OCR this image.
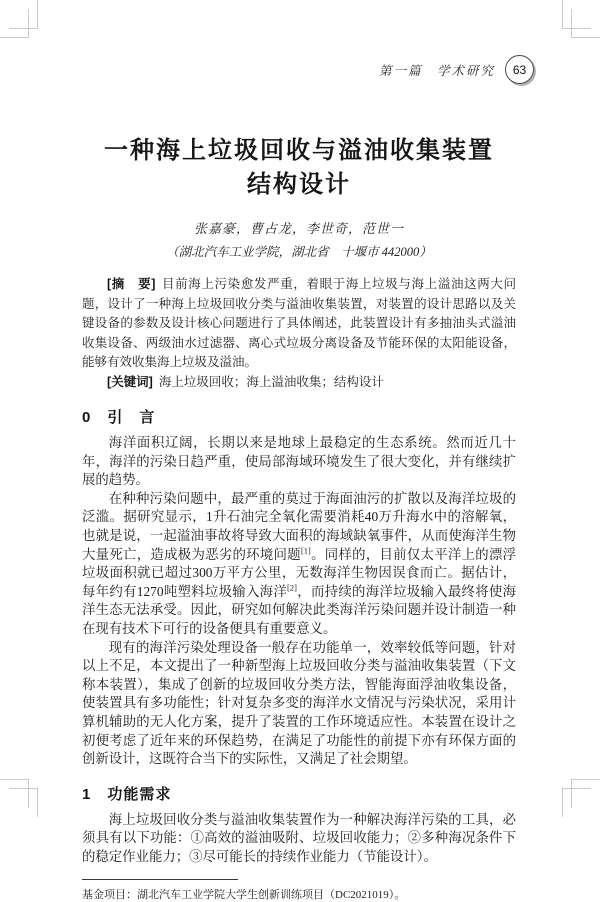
第一篇　学术研究 63
一种海上垃圾回收与溢油收集装置
结构设计
张嘉豪，曹占龙，李世奇，范世一
（湖北汽车工业学院，湖北省　十堰市 442000）

[摘　要] 目前海上污染愈发严重，着眼于海上垃圾与海上溢油这两大问题，设计了一种海上垃圾回收分类与溢油收集装置，对装置的设计思路以及关键设备的参数及设计核心问题进行了具体阐述，此装置设计有多抽油头式溢油收集设备、两级油水过滤器、离心式垃圾分离设备及节能环保的太阳能设备，能够有效收集海上垃圾及溢油。

[关键词] 海上垃圾回收；海上溢油收集；结构设计

0　引　言

海洋面积辽阔，长期以来是地球上最稳定的生态系统。然而近几十年，海洋的污染日趋严重，使局部海域环境发生了很大变化，并有继续扩展的趋势。

在种种污染问题中，最严重的莫过于海面油污的扩散以及海洋垃圾的泛滥。据研究显示，1升石油完全氧化需要消耗40万升海水中的溶解氧，也就是说，一起溢油事故将导致大面积的海域缺氧事件，从而使海洋生物大量死亡，造成极为恶劣的环境问题[1]。同样的，目前仅太平洋上的漂浮垃圾面积就已超过300万平方公里，无数海洋生物因误食而亡。据估计，每年约有1270吨塑料垃圾输入海洋[2]，而持续的海洋垃圾输入最终将使海洋生态无法承受。因此，研究如何解决此类海洋污染问题并设计制造一种在现有技术下可行的设备便具有重要意义。

现有的海洋污染处理设备一般存在功能单一，效率较低等问题，针对以上不足，本文提出了一种新型海上垃圾回收分类与溢油收集装置（下文称本装置），集成了创新的垃圾回收分类方法，智能海面浮油收集设备，使装置具有多功能性；针对复杂多变的海洋水文情况与污染状况，采用计算机辅助的无人化方案，提升了装置的工作环境适应性。本装置在设计之初便考虑了近年来的环保趋势，在满足了功能性的前提下亦有环保方面的创新设计，这既符合当下的实际性，又满足了社会期望。

1　功能需求

海上垃圾回收分类与溢油收集装置作为一种解决海洋污染的工具，必须具有以下功能：①高效的溢油吸附、垃圾回收能力；②多种海况条件下的稳定作业能力；③尽可能长的持续作业能力（节能设计）。

基金项目：湖北汽车工业学院大学生创新训练项目（DC2021019）。
